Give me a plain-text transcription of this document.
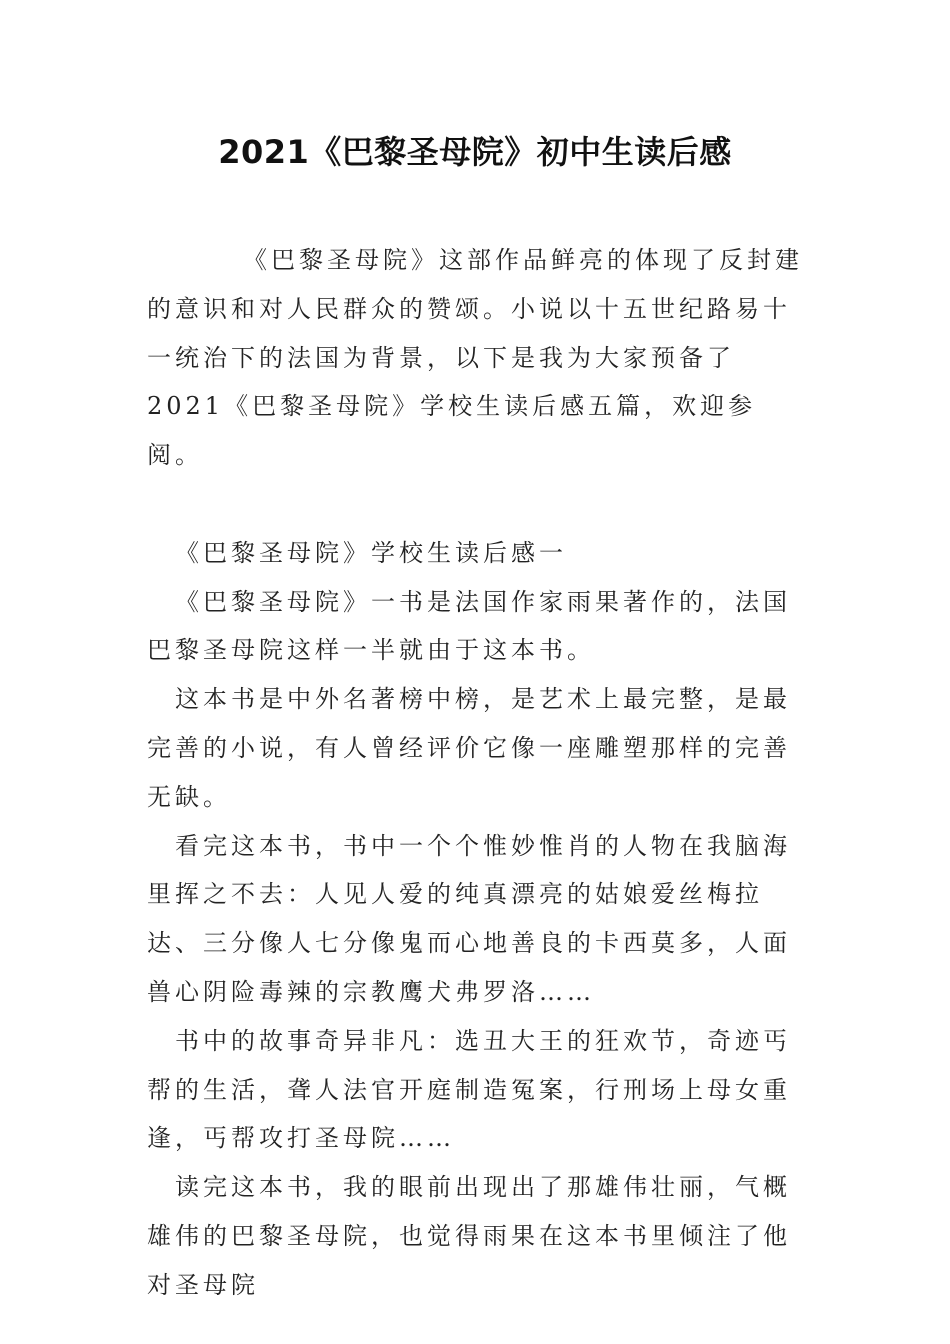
2021《巴黎圣母院》初中生读后感

《巴黎圣母院》这部作品鲜亮的体现了反封建的意识和对人民群众的赞颂。小说以十五世纪路易十一统治下的法国为背景，以下是我为大家预备了2021《巴黎圣母院》学校生读后感五篇，欢迎参阅。

《巴黎圣母院》学校生读后感一

《巴黎圣母院》一书是法国作家雨果著作的，法国巴黎圣母院这样一半就由于这本书。

这本书是中外名著榜中榜，是艺术上最完整，是最完善的小说，有人曾经评价它像一座雕塑那样的完善无缺。

看完这本书，书中一个个惟妙惟肖的人物在我脑海里挥之不去：人见人爱的纯真漂亮的姑娘爱丝梅拉达、三分像人七分像鬼而心地善良的卡西莫多，人面兽心阴险毒辣的宗教鹰犬弗罗洛……

书中的故事奇异非凡：选丑大王的狂欢节，奇迹丐帮的生活，聋人法官开庭制造冤案，行刑场上母女重逢，丐帮攻打圣母院……

读完这本书，我的眼前出现出了那雄伟壮丽，气概雄伟的巴黎圣母院，也觉得雨果在这本书里倾注了他对圣母院
